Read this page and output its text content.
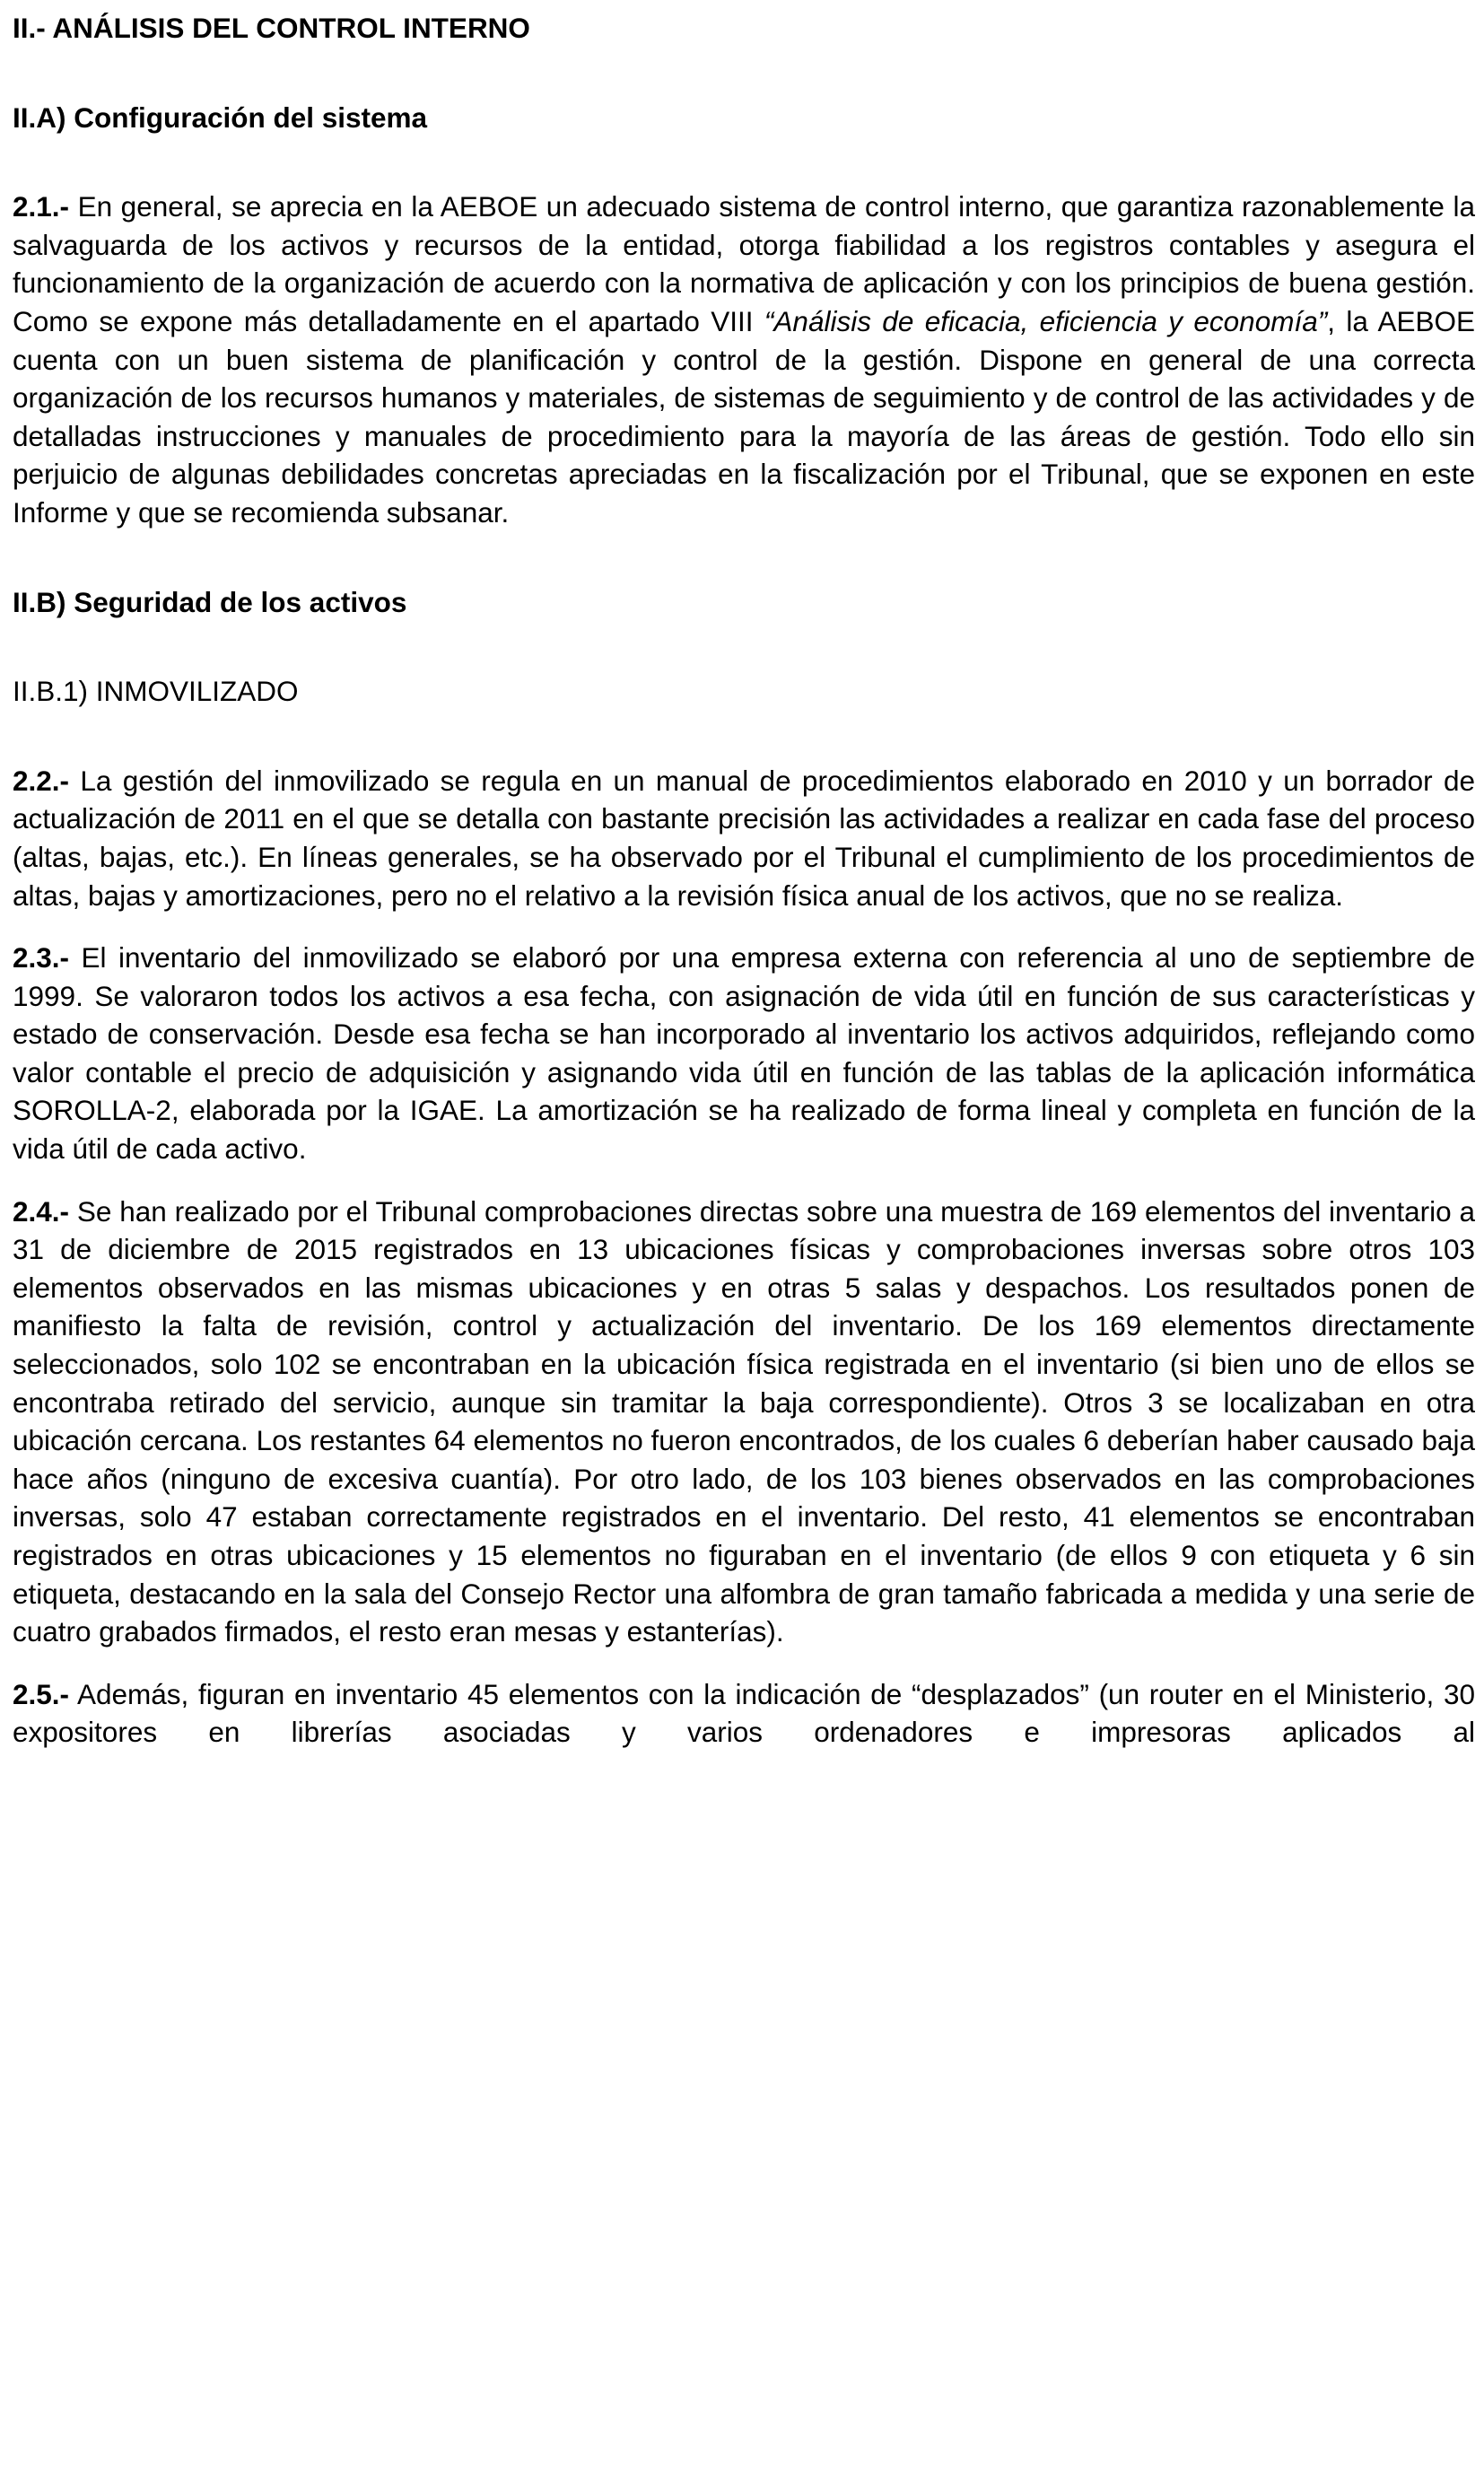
II.- ANÁLISIS DEL CONTROL INTERNO
II.A) Configuración del sistema

2.1.- En general, se aprecia en la AEBOE un adecuado sistema de control interno, que garantiza razonablemente la salvaguarda de los activos y recursos de la entidad, otorga fiabilidad a los registros contables y asegura el funcionamiento de la organización de acuerdo con la normativa de aplicación y con los principios de buena gestión. Como se expone más detalladamente en el apartado VIII “Análisis de eficacia, eficiencia y economía”, la AEBOE cuenta con un buen sistema de planificación y control de la gestión. Dispone en general de una correcta organización de los recursos humanos y materiales, de sistemas de seguimiento y de control de las actividades y de detalladas instrucciones y manuales de procedimiento para la mayoría de las áreas de gestión. Todo ello sin perjuicio de algunas debilidades concretas apreciadas en la fiscalización por el Tribunal, que se exponen en este Informe y que se recomienda subsanar.

II.B) Seguridad de los activos
II.B.1) INMOVILIZADO

2.2.- La gestión del inmovilizado se regula en un manual de procedimientos elaborado en 2010 y un borrador de actualización de 2011 en el que se detalla con bastante precisión las actividades a realizar en cada fase del proceso (altas, bajas, etc.). En líneas generales, se ha observado por el Tribunal el cumplimiento de los procedimientos de altas, bajas y amortizaciones, pero no el relativo a la revisión física anual de los activos, que no se realiza.

2.3.- El inventario del inmovilizado se elaboró por una empresa externa con referencia al uno de septiembre de 1999. Se valoraron todos los activos a esa fecha, con asignación de vida útil en función de sus características y estado de conservación. Desde esa fecha se han incorporado al inventario los activos adquiridos, reflejando como valor contable el precio de adquisición y asignando vida útil en función de las tablas de la aplicación informática SOROLLA-2, elaborada por la IGAE. La amortización se ha realizado de forma lineal y completa en función de la vida útil de cada activo.

2.4.- Se han realizado por el Tribunal comprobaciones directas sobre una muestra de 169 elementos del inventario a 31 de diciembre de 2015 registrados en 13 ubicaciones físicas y comprobaciones inversas sobre otros 103 elementos observados en las mismas ubicaciones y en otras 5 salas y despachos. Los resultados ponen de manifiesto la falta de revisión, control y actualización del inventario. De los 169 elementos directamente seleccionados, solo 102 se encontraban en la ubicación física registrada en el inventario (si bien uno de ellos se encontraba retirado del servicio, aunque sin tramitar la baja correspondiente). Otros 3 se localizaban en otra ubicación cercana. Los restantes 64 elementos no fueron encontrados, de los cuales 6 deberían haber causado baja hace años (ninguno de excesiva cuantía). Por otro lado, de los 103 bienes observados en las comprobaciones inversas, solo 47 estaban correctamente registrados en el inventario. Del resto, 41 elementos se encontraban registrados en otras ubicaciones y 15 elementos no figuraban en el inventario (de ellos 9 con etiqueta y 6 sin etiqueta, destacando en la sala del Consejo Rector una alfombra de gran tamaño fabricada a medida y una serie de cuatro grabados firmados, el resto eran mesas y estanterías).

2.5.- Además, figuran en inventario 45 elementos con la indicación de “desplazados” (un router en el Ministerio, 30 expositores en librerías asociadas y varios ordenadores e impresoras aplicados al
